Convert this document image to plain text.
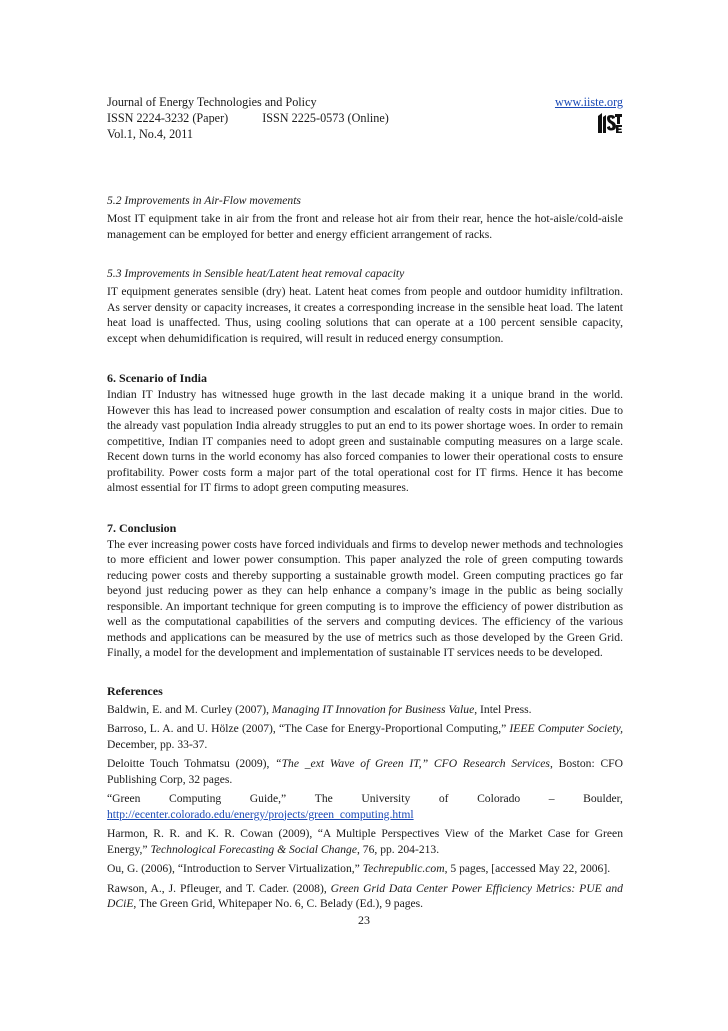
Journal of Energy Technologies and Policy	www.iiste.org
ISSN 2224-3232 (Paper)	ISSN 2225-0573 (Online)
Vol.1, No.4, 2011
5.2 Improvements in Air-Flow movements

Most IT equipment take in air from the front and release hot air from their rear, hence the hot-aisle/cold-aisle management can be employed for better and energy efficient arrangement of racks.

5.3 Improvements in Sensible heat/Latent heat removal capacity

IT equipment generates sensible (dry) heat. Latent heat comes from people and outdoor humidity infiltration. As server density or capacity increases, it creates a corresponding increase in the sensible heat load. The latent heat load is unaffected. Thus, using cooling solutions that can operate at a 100 percent sensible capacity, except when dehumidification is required, will result in reduced energy consumption.

6. Scenario of India

Indian IT Industry has witnessed huge growth in the last decade making it a unique brand in the world. However this has lead to increased power consumption and escalation of realty costs in major cities. Due to the already vast population India already struggles to put an end to its power shortage woes. In order to remain competitive, Indian IT companies need to adopt green and sustainable computing measures on a large scale. Recent down turns in the world economy has also forced companies to lower their operational costs to ensure profitability. Power costs form a major part of the total operational cost for IT firms. Hence it has become almost essential for IT firms to adopt green computing measures.

7. Conclusion

The ever increasing power costs have forced individuals and firms to develop newer methods and technologies to more efficient and lower power consumption. This paper analyzed the role of green computing towards reducing power costs and thereby supporting a sustainable growth model. Green computing practices go far beyond just reducing power as they can help enhance a company’s image in the public as being socially responsible. An important technique for green computing is to improve the efficiency of power distribution as well as the computational capabilities of the servers and computing devices. The efficiency of the various methods and applications can be measured by the use of metrics such as those developed by the Green Grid. Finally, a model for the development and implementation of sustainable IT services needs to be developed.

References

Baldwin, E. and M. Curley (2007), Managing IT Innovation for Business Value, Intel Press.

Barroso, L. A. and U. Hölze (2007), “The Case for Energy-Proportional Computing,” IEEE Computer Society, December, pp. 33-37.

Deloitte Touch Tohmatsu (2009), “The _ext Wave of Green IT,” CFO Research Services, Boston: CFO Publishing Corp, 32 pages.

“Green Computing Guide,” The University of Colorado – Boulder,
http://ecenter.colorado.edu/energy/projects/green_computing.html

Harmon, R. R. and K. R. Cowan (2009), “A Multiple Perspectives View of the Market Case for Green Energy,” Technological Forecasting & Social Change, 76, pp. 204-213.

Ou, G. (2006), “Introduction to Server Virtualization,” Techrepublic.com, 5 pages, [accessed May 22, 2006].

Rawson, A., J. Pfleuger, and T. Cader. (2008), Green Grid Data Center Power Efficiency Metrics: PUE and DCiE, The Green Grid, Whitepaper No. 6, C. Belady (Ed.), 9 pages.

23
